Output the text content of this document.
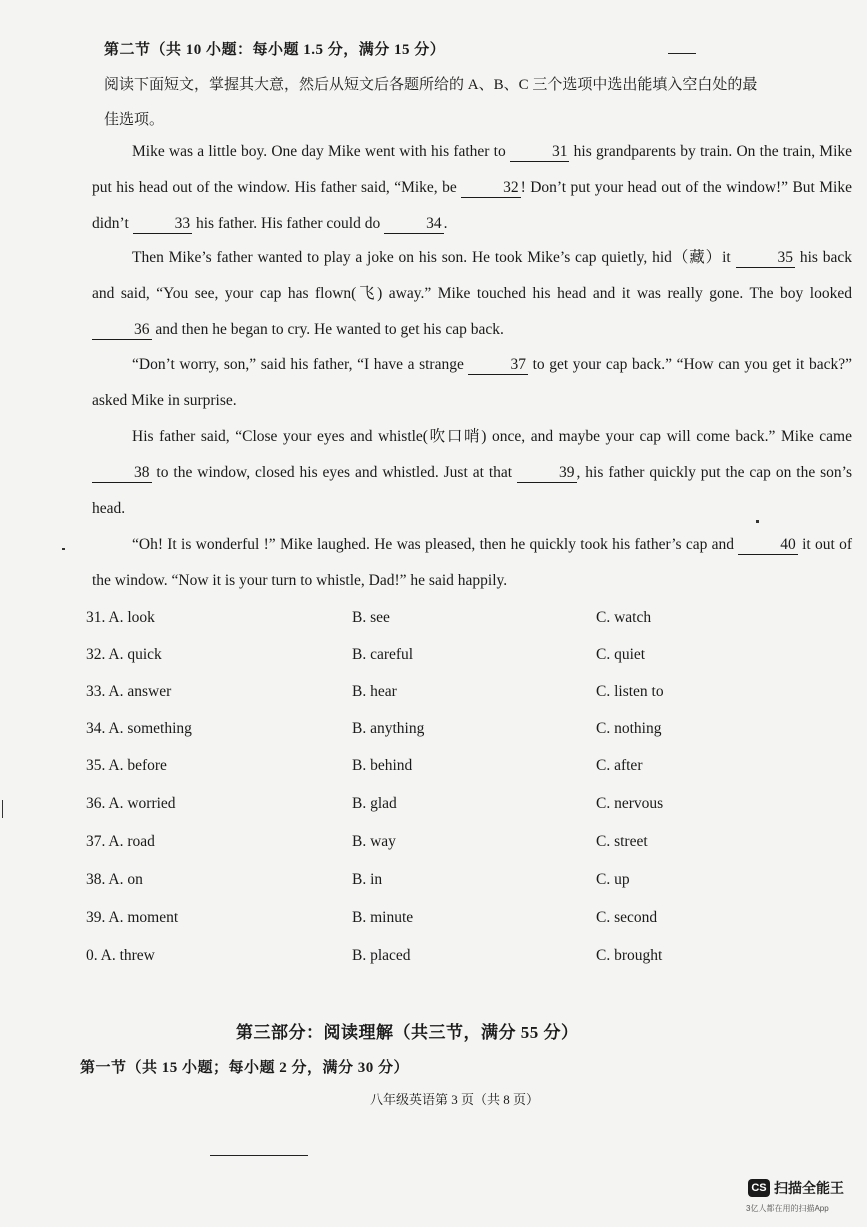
第二节（共 10 小题：每小题 1.5 分，满分 15 分）
阅读下面短文，掌握其大意，然后从短文后各题所给的 A、B、C 三个选项中选出能填入空白处的最
佳选项。
Mike was a little boy. One day Mike went with his father to	31 his grandparents by train. On the train, Mike put his head out of the window. His father said, “Mike, be	32 ! Don’t put your head out of the window!” But Mike didn’t	33 his father. His father could do	34 .
Then Mike’s father wanted to play a joke on his son. He took Mike’s cap quietly, hid（藏）it	35 his back and said, “You see, your cap has flown(飞) away.” Mike touched his head and it was really gone. The boy looked 36 and then he began to cry. He wanted to get his cap back.
“Don’t worry, son,” said his father, “I have a strange	37 to get your cap back.” “How can you get it back?” asked Mike in surprise.
His father said, “Close your eyes and whistle(吹口哨) once, and maybe your cap will come back.” Mike came 38 to the window, closed his eyes and whistled. Just at that	39 , his father quickly put the cap on the son’s head.
“Oh! It is wonderful !” Mike laughed. He was pleased, then he quickly took his father’s cap and	40 it out of the window. “Now it is your turn to whistle, Dad!” he said happily.
31. A. look	B. see	C. watch
32. A. quick	B. careful	C. quiet
33. A. answer	B. hear	C. listen to
34. A. something	B. anything	C. nothing
35. A. before	B. behind	C. after
36. A. worried	B. glad	C. nervous
37. A. road	B. way	C. street
38. A. on	B. in	C. up
39. A. moment	B. minute	C. second
0. A. threw	B. placed	C. brought
第三部分：阅读理解（共三节，满分 55 分）
第一节（共 15 小题；每小题 2 分，满分 30 分）
八年级英语第 3 页（共 8 页）
CS 扫描全能王
3亿人都在用的扫描App
